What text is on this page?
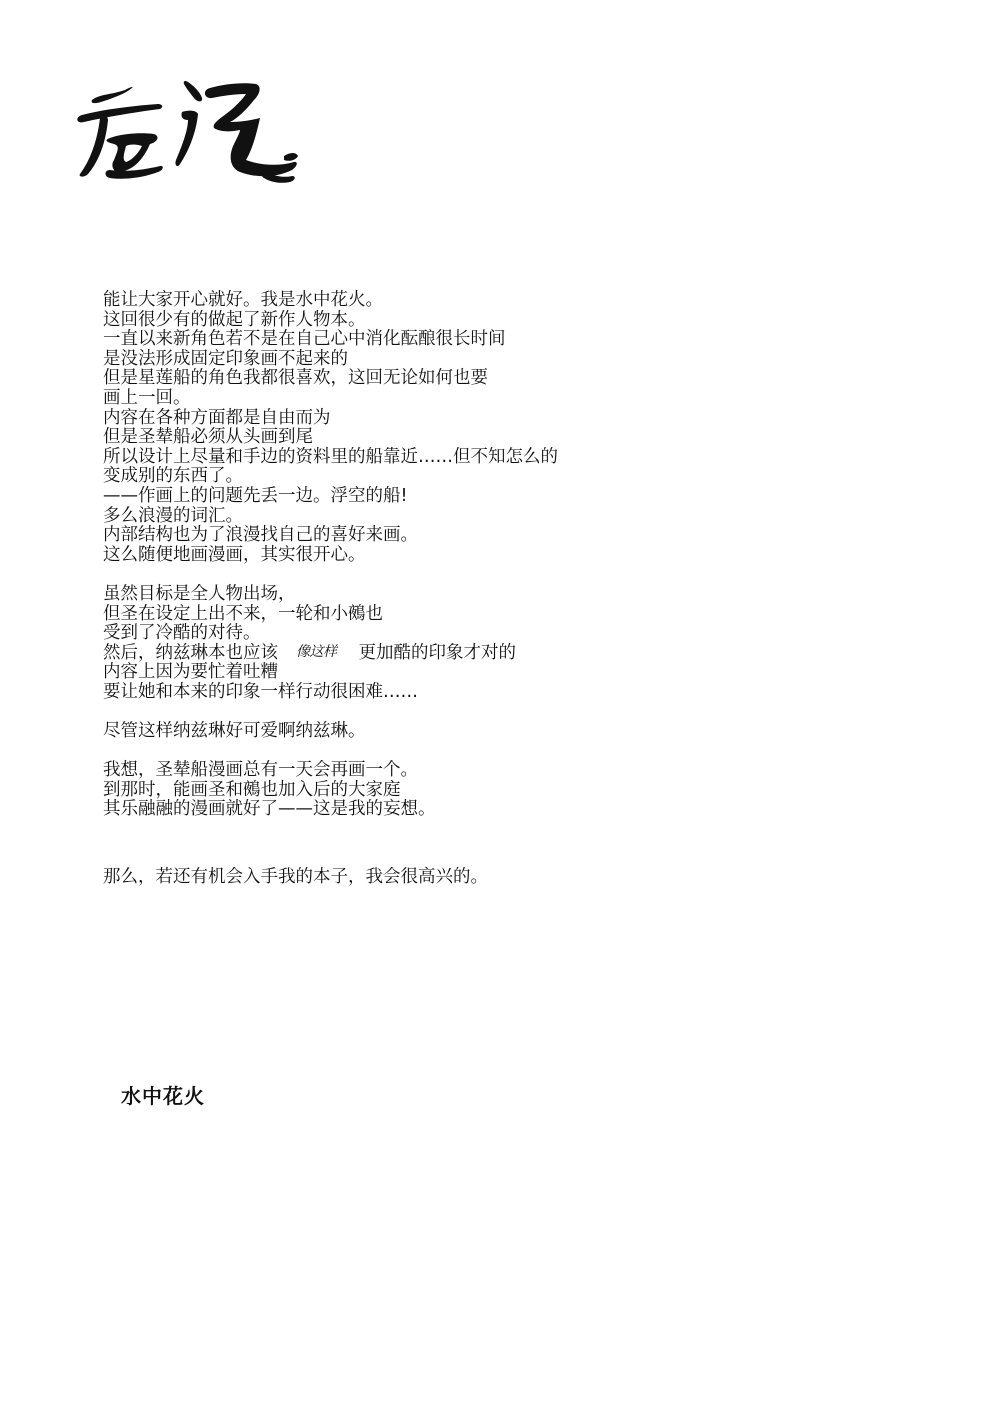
能让大家开心就好。我是水中花火。
这回很少有的做起了新作人物本。
一直以来新角色若不是在自己心中消化酝酿很长时间
是没法形成固定印象画不起来的
但是星莲船的角色我都很喜欢，这回无论如何也要
画上一回。
内容在各种方面都是自由而为
但是圣辇船必须从头画到尾
所以设计上尽量和手边的资料里的船靠近……但不知怎么的
变成别的东西了。
——作画上的问题先丢一边。浮空的船!
多么浪漫的词汇。
内部结构也为了浪漫找自己的喜好来画。
这么随便地画漫画，其实很开心。
虽然目标是全人物出场，
但圣在设定上出不来，一轮和小鵺也
受到了冷酷的对待。
然后，纳兹琳本也应该 像这样 更加酷的印象才对的
内容上因为要忙着吐糟
要让她和本来的印象一样行动很困难……
尽管这样纳兹琳好可爱啊纳兹琳。
我想，圣辇船漫画总有一天会再画一个。
到那时，能画圣和鵺也加入后的大家庭
其乐融融的漫画就好了——这是我的妄想。
那么，若还有机会入手我的本子，我会很高兴的。
水中花火
